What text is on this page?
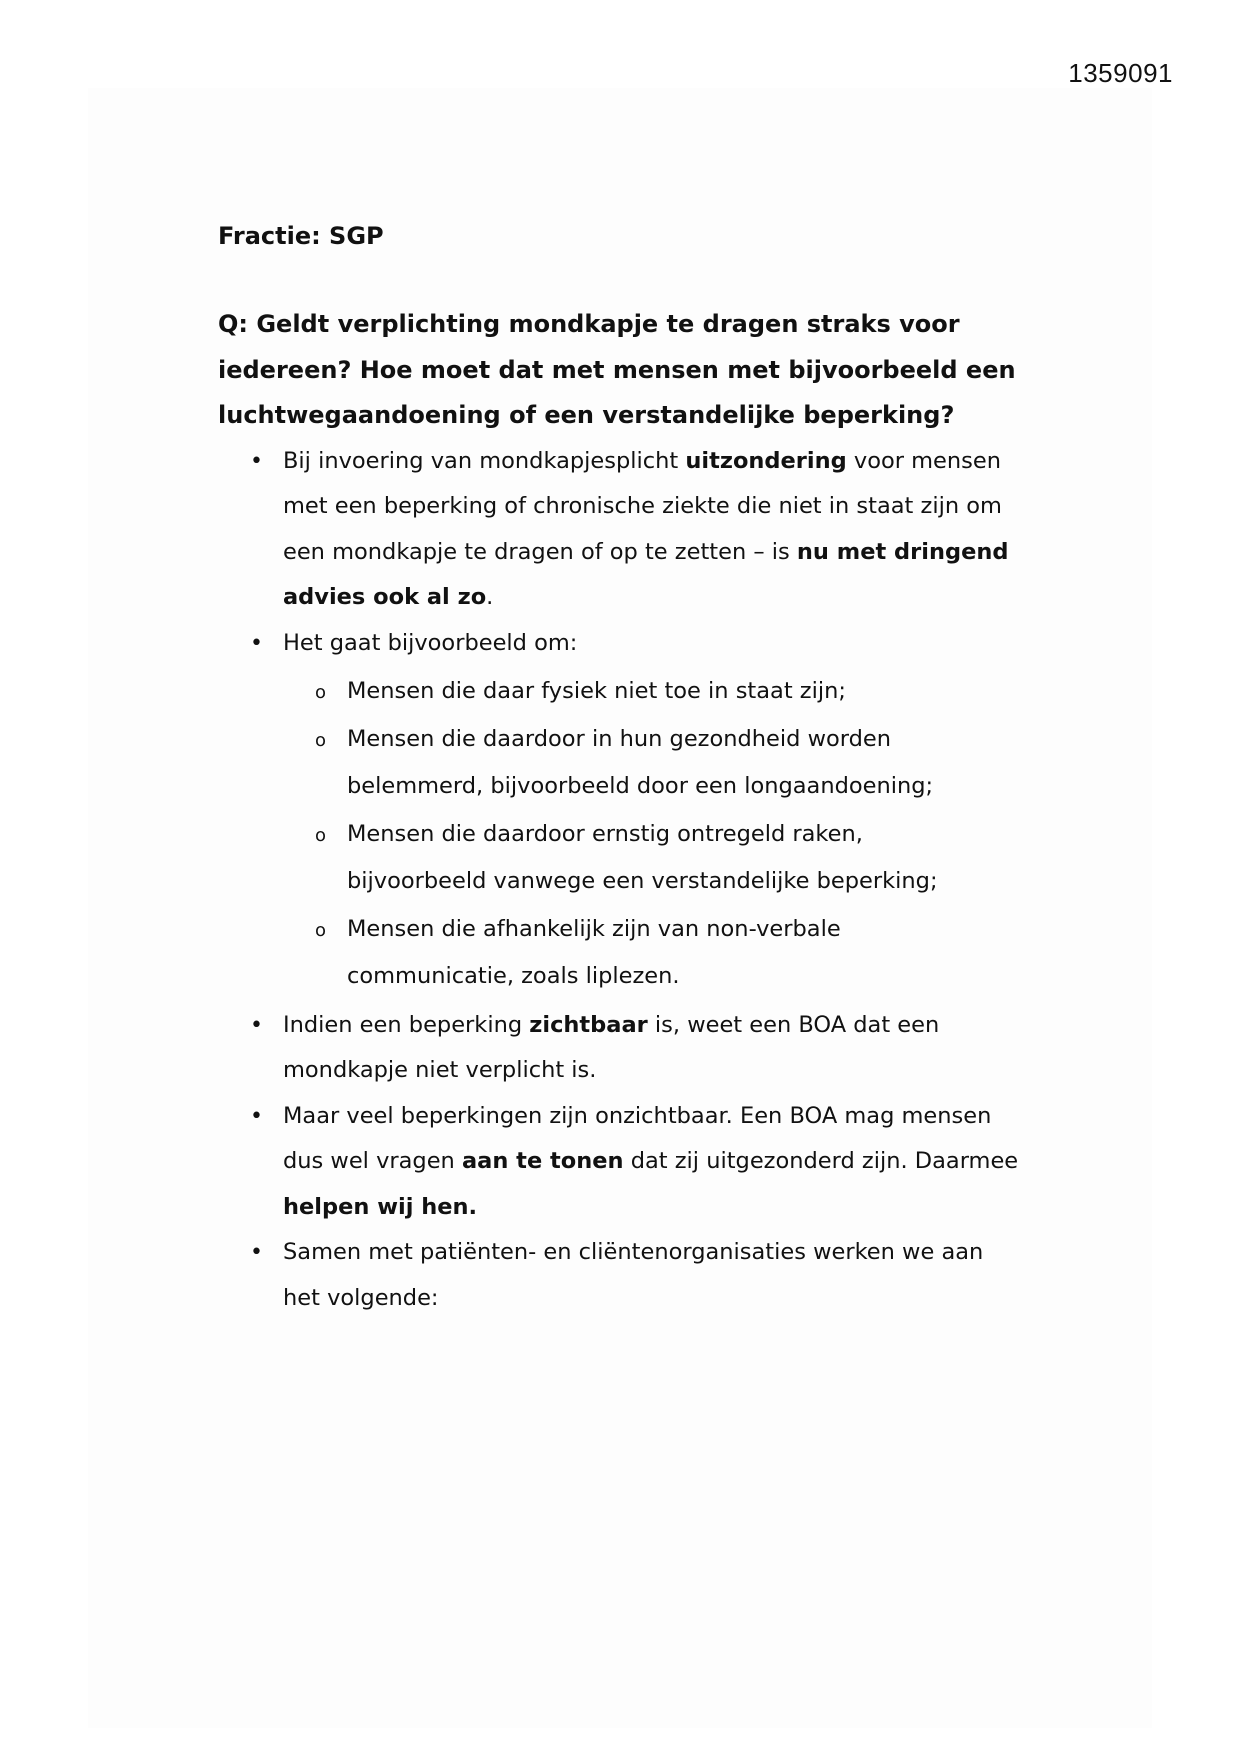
1359091

Fractie: SGP

Q: Geldt verplichting mondkapje te dragen straks voor iedereen? Hoe moet dat met mensen met bijvoorbeeld een luchtwegaandoening of een verstandelijke beperking?

• Bij invoering van mondkapjesplicht uitzondering voor mensen met een beperking of chronische ziekte die niet in staat zijn om een mondkapje te dragen of op te zetten – is nu met dringend advies ook al zo.
• Het gaat bijvoorbeeld om:
o Mensen die daar fysiek niet toe in staat zijn;
o Mensen die daardoor in hun gezondheid worden belemmerd, bijvoorbeeld door een longaandoening;
o Mensen die daardoor ernstig ontregeld raken, bijvoorbeeld vanwege een verstandelijke beperking;
o Mensen die afhankelijk zijn van non-verbale communicatie, zoals liplezen.
• Indien een beperking zichtbaar is, weet een BOA dat een mondkapje niet verplicht is.
• Maar veel beperkingen zijn onzichtbaar. Een BOA mag mensen dus wel vragen aan te tonen dat zij uitgezonderd zijn. Daarmee helpen wij hen.
• Samen met patiënten- en cliëntenorganisaties werken we aan het volgende:
